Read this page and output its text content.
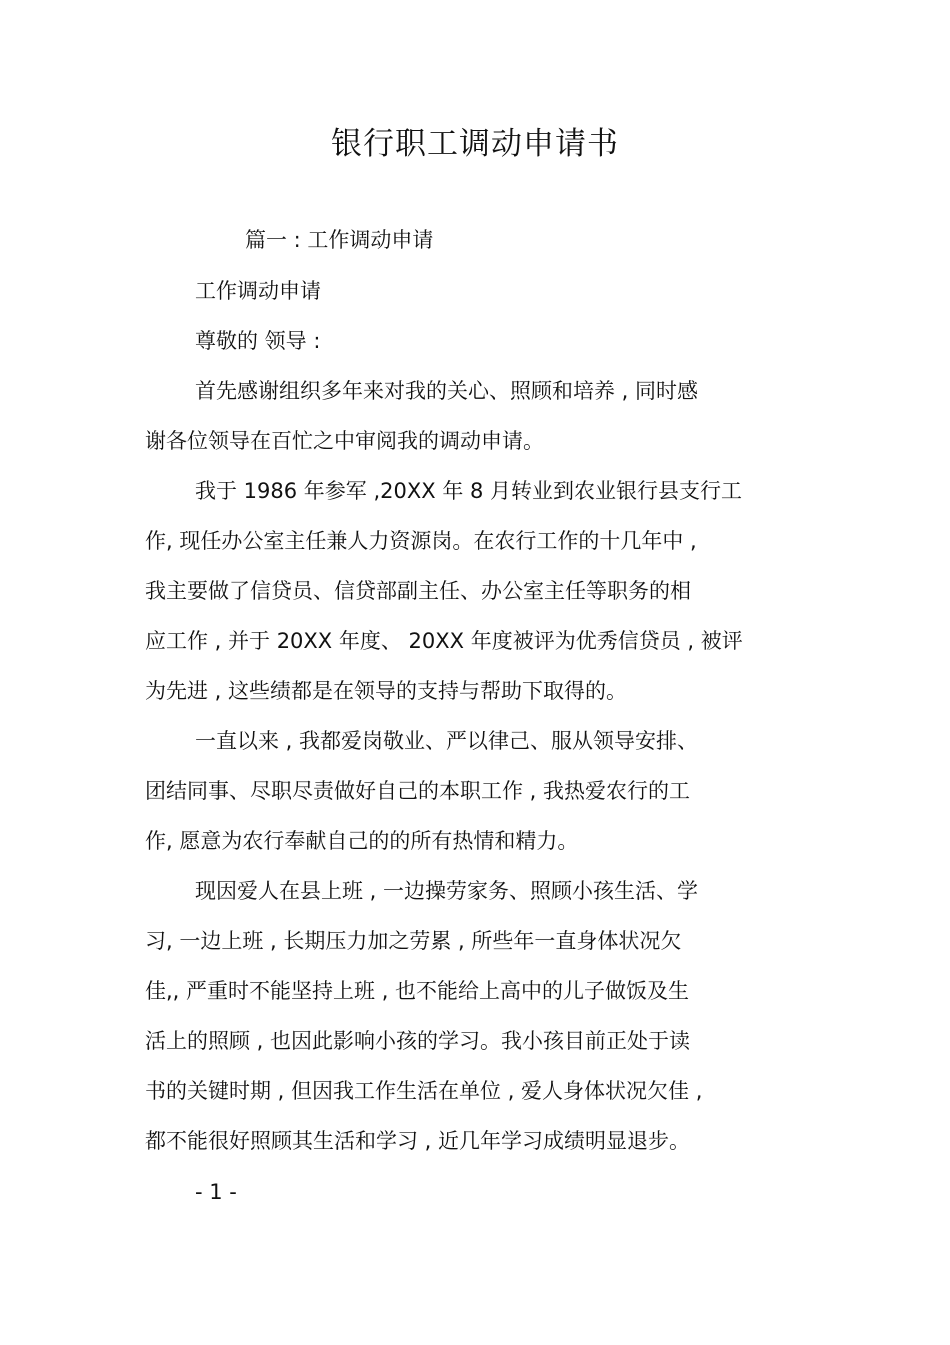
银行职工调动申请书
篇一 : 工作调动申请
工作调动申请
尊敬的 领导 :
首先感谢组织多年来对我的关心、照顾和培养 , 同时感
谢各位领导在百忙之中审阅我的调动申请。
我于 1986 年参军 ,20XX 年 8 月转业到农业银行县支行工
作, 现任办公室主任兼人力资源岗。在农行工作的十几年中 ,
我主要做了信贷员、信贷部副主任、办公室主任等职务的相
应工作 , 并于 20XX 年度、 20XX 年度被评为优秀信贷员 , 被评
为先进 , 这些绩都是在领导的支持与帮助下取得的。
一直以来 , 我都爱岗敬业、严以律己、服从领导安排、
团结同事、尽职尽责做好自己的本职工作 , 我热爱农行的工
作, 愿意为农行奉献自己的的所有热情和精力。
现因爱人在县上班 , 一边操劳家务、照顾小孩生活、学
习, 一边上班 , 长期压力加之劳累 , 所些年一直身体状况欠
佳,, 严重时不能坚持上班 , 也不能给上高中的儿子做饭及生
活上的照顾 , 也因此影响小孩的学习。我小孩目前正处于读
书的关键时期 , 但因我工作生活在单位 , 爱人身体状况欠佳 ,
都不能很好照顾其生活和学习 , 近几年学习成绩明显退步。
- 1 -
